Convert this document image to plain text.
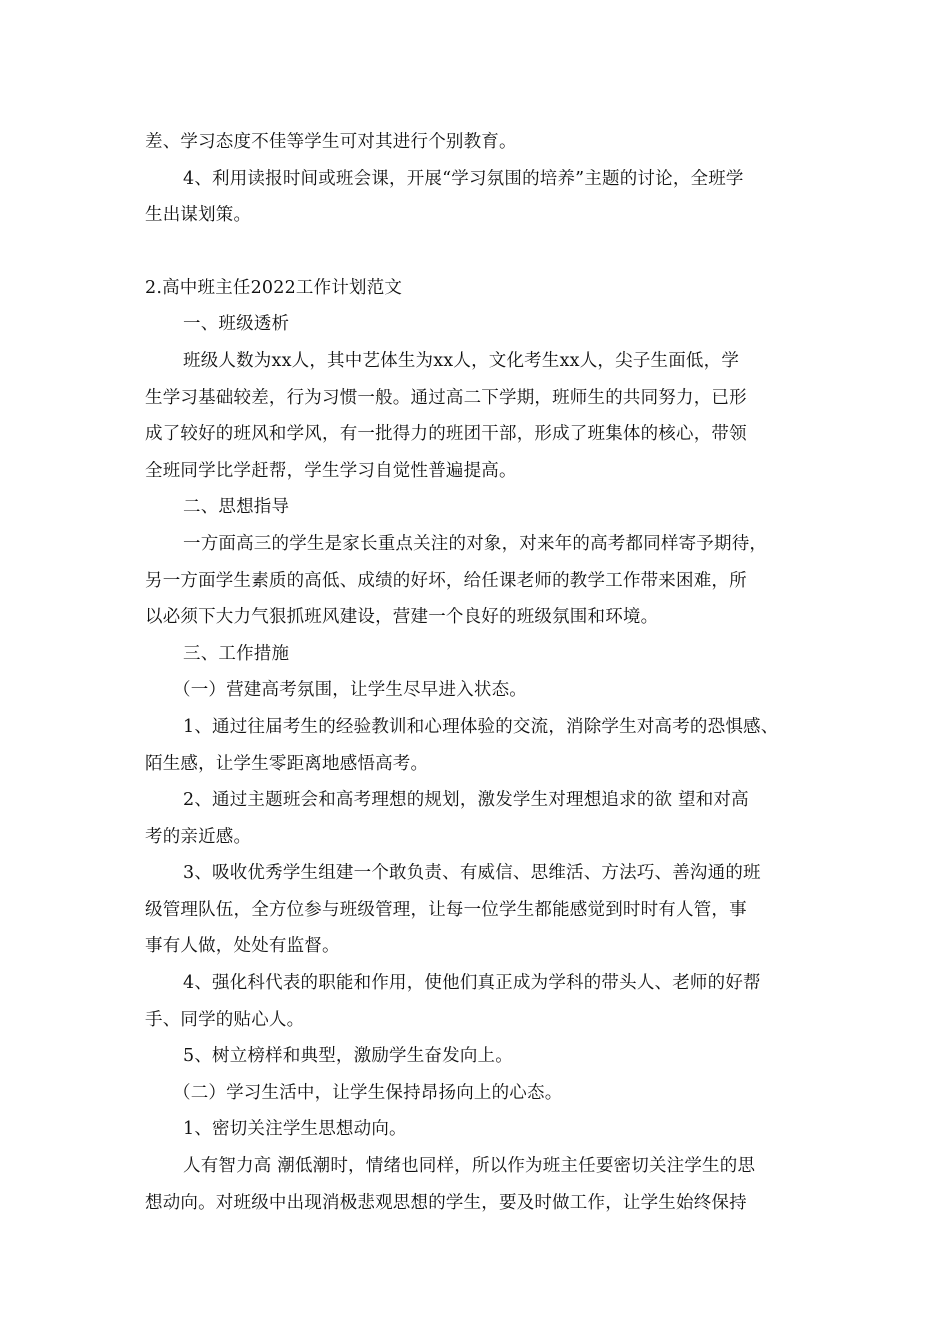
差、学习态度不佳等学生可对其进行个别教育。
4、利用读报时间或班会课，开展“学习氛围的培养”主题的讨论，全班学
生出谋划策。
2.高中班主任2022工作计划范文
一、班级透析
班级人数为xx人，其中艺体生为xx人，文化考生xx人，尖子生面低，学
生学习基础较差，行为习惯一般。通过高二下学期，班师生的共同努力，已形
成了较好的班风和学风，有一批得力的班团干部，形成了班集体的核心，带领
全班同学比学赶帮，学生学习自觉性普遍提高。
二、思想指导
一方面高三的学生是家长重点关注的对象，对来年的高考都同样寄予期待，
另一方面学生素质的高低、成绩的好坏，给任课老师的教学工作带来困难，所
以必须下大力气狠抓班风建设，营建一个良好的班级氛围和环境。
三、工作措施
（一）营建高考氛围，让学生尽早进入状态。
1、通过往届考生的经验教训和心理体验的交流，消除学生对高考的恐惧感、
陌生感，让学生零距离地感悟高考。
2、通过主题班会和高考理想的规划，激发学生对理想追求的欲 望和对高
考的亲近感。
3、吸收优秀学生组建一个敢负责、有威信、思维活、方法巧、善沟通的班
级管理队伍，全方位参与班级管理，让每一位学生都能感觉到时时有人管，事
事有人做，处处有监督。
4、强化科代表的职能和作用，使他们真正成为学科的带头人、老师的好帮
手、同学的贴心人。
5、树立榜样和典型，激励学生奋发向上。
（二）学习生活中，让学生保持昂扬向上的心态。
1、密切关注学生思想动向。
人有智力高 潮低潮时，情绪也同样，所以作为班主任要密切关注学生的思
想动向。对班级中出现消极悲观思想的学生，要及时做工作，让学生始终保持
